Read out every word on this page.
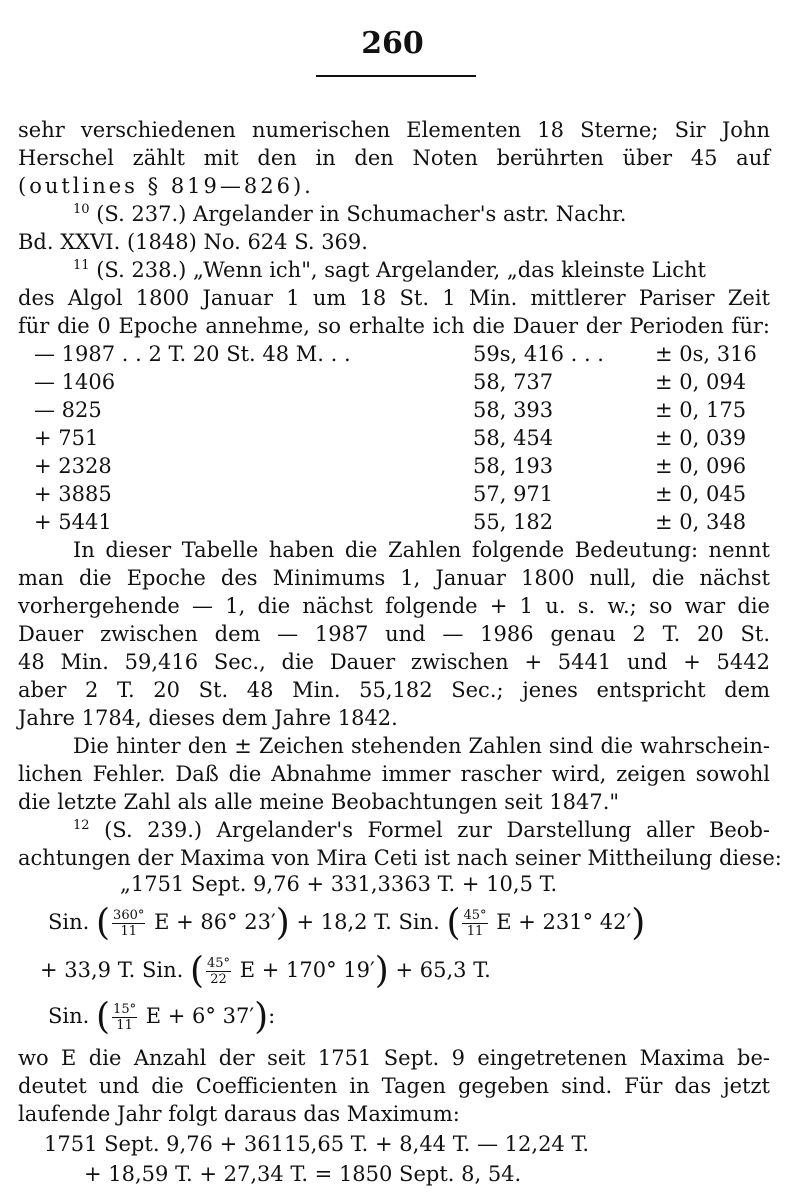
260
sehr verschiedenen numerischen Elementen 18 Sterne; Sir John
Herschel zählt mit den in den Noten berührten über 45 auf
(outlines § 819—826).
$^{10}$ (S. 237.) Argelander in Schumacher's astr. Nachr.
Bd. XXVI. (1848) No. 624 S. 369.
$^{11}$ (S. 238.) „Wenn ich", sagt Argelander, „das kleinste Licht
des Algol 1800 Januar 1 um 18 St. 1 Min. mittlerer Pariser Zeit
für die 0 Epoche annehme, so erhalte ich die Dauer der Perioden für:
— 1987 . . 2 T. 20 St. 48 M. . .	59s, 416 . . . ± 0s, 316
— 1406	58, 737	± 0, 094
— 825	58, 393	± 0, 175
+ 751	58, 454	± 0, 039
+ 2328	58, 193	± 0, 096
+ 3885	57, 971	± 0, 045
+ 5441	55, 182	± 0, 348
In dieser Tabelle haben die Zahlen folgende Bedeutung: nennt
man die Epoche des Minimums 1, Januar 1800 null, die nächst
vorhergehende — 1, die nächst folgende + 1 u. s. w.; so war die
Dauer zwischen dem — 1987 und — 1986 genau 2 T. 20 St.
48 Min. 59,416 Sec., die Dauer zwischen + 5441 und + 5442
aber 2 T. 20 St. 48 Min. 55,182 Sec.; jenes entspricht dem
Jahre 1784, dieses dem Jahre 1842.
Die hinter den ± Zeichen stehenden Zahlen sind die wahrschein-
lichen Fehler. Daß die Abnahme immer rascher wird, zeigen sowohl
die letzte Zahl als alle meine Beobachtungen seit 1847."
$^{12}$ (S. 239.) Argelander's Formel zur Darstellung aller Beob-
achtungen der Maxima von Mira Ceti ist nach seiner Mittheilung diese:
„1751 Sept. 9,76 + 331,3363 T. + 10,5 T.
Sin. ( $\frac{360^\circ}{11}$ E + 86° 23′) + 18,2 T. Sin. ( $\frac{45^\circ}{11}$ E + 231° 42′)
+ 33,9 T. Sin. ( $\frac{45^\circ}{22}$ E + 170° 19′) + 65,3 T.
Sin. ( $\frac{15^\circ}{11}$ E + 6° 37′):
wo E die Anzahl der seit 1751 Sept. 9 eingetretenen Maxima be-
deutet und die Coefficienten in Tagen gegeben sind. Für das jetzt
laufende Jahr folgt daraus das Maximum:
1751 Sept. 9,76 + 36115,65 T. + 8,44 T. — 12,24 T.
+ 18,59 T. + 27,34 T. = 1850 Sept. 8, 54.
